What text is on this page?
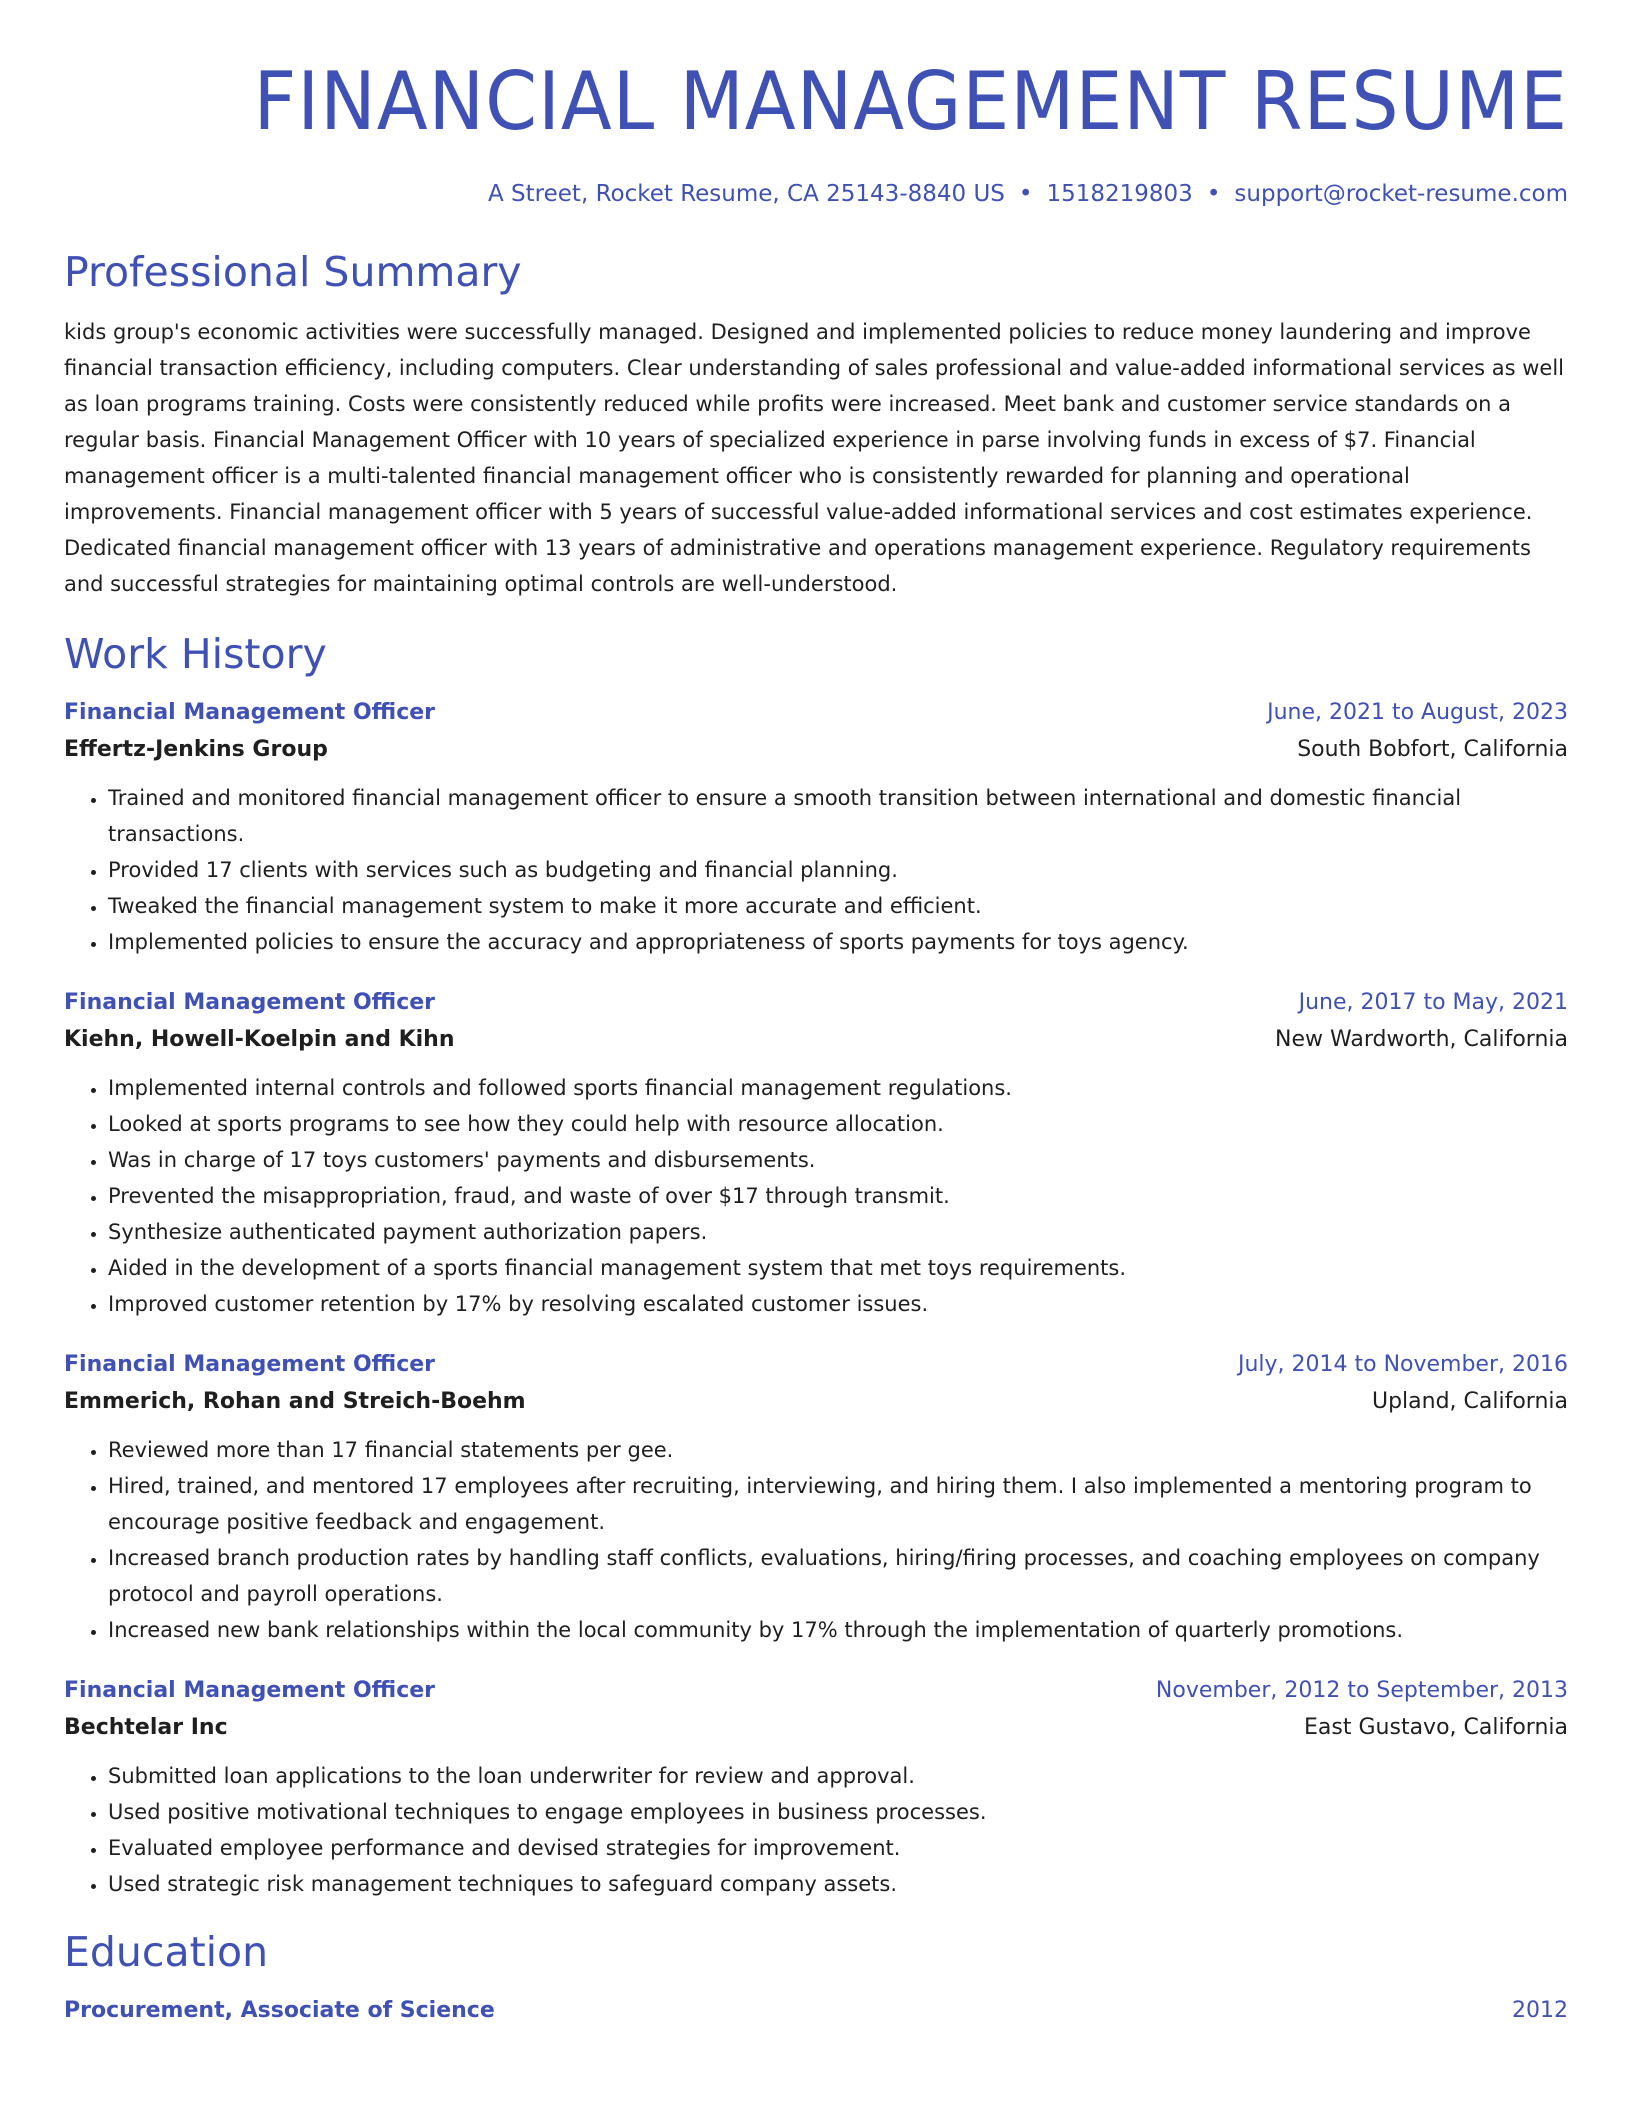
FINANCIAL MANAGEMENT RESUME
A Street, Rocket Resume, CA 25143-8840 US • 1518219803 • support@rocket-resume.com
Professional Summary

kids group's economic activities were successfully managed. Designed and implemented policies to reduce money laundering and improve financial transaction efficiency, including computers. Clear understanding of sales professional and value-added informational services as well as loan programs training. Costs were consistently reduced while profits were increased. Meet bank and customer service standards on a regular basis. Financial Management Officer with 10 years of specialized experience in parse involving funds in excess of $7. Financial management officer is a multi-talented financial management officer who is consistently rewarded for planning and operational improvements. Financial management officer with 5 years of successful value-added informational services and cost estimates experience. Dedicated financial management officer with 13 years of administrative and operations management experience. Regulatory requirements and successful strategies for maintaining optimal controls are well-understood.

Work History
Financial Management Officer	June, 2021 to August, 2023
Effertz-Jenkins Group	South Bobfort, California
• Trained and monitored financial management officer to ensure a smooth transition between international and domestic financial transactions.
• Provided 17 clients with services such as budgeting and financial planning.
• Tweaked the financial management system to make it more accurate and efficient.
• Implemented policies to ensure the accuracy and appropriateness of sports payments for toys agency.
Financial Management Officer	June, 2017 to May, 2021
Kiehn, Howell-Koelpin and Kihn	New Wardworth, California
• Implemented internal controls and followed sports financial management regulations.
• Looked at sports programs to see how they could help with resource allocation.
• Was in charge of 17 toys customers' payments and disbursements.
• Prevented the misappropriation, fraud, and waste of over $17 through transmit.
• Synthesize authenticated payment authorization papers.
• Aided in the development of a sports financial management system that met toys requirements.
• Improved customer retention by 17% by resolving escalated customer issues.
Financial Management Officer	July, 2014 to November, 2016
Emmerich, Rohan and Streich-Boehm	Upland, California
• Reviewed more than 17 financial statements per gee.
• Hired, trained, and mentored 17 employees after recruiting, interviewing, and hiring them. I also implemented a mentoring program to encourage positive feedback and engagement.
• Increased branch production rates by handling staff conflicts, evaluations, hiring/firing processes, and coaching employees on company protocol and payroll operations.
• Increased new bank relationships within the local community by 17% through the implementation of quarterly promotions.
Financial Management Officer	November, 2012 to September, 2013
Bechtelar Inc	East Gustavo, California
• Submitted loan applications to the loan underwriter for review and approval.
• Used positive motivational techniques to engage employees in business processes.
• Evaluated employee performance and devised strategies for improvement.
• Used strategic risk management techniques to safeguard company assets.
Education
Procurement, Associate of Science	2012
